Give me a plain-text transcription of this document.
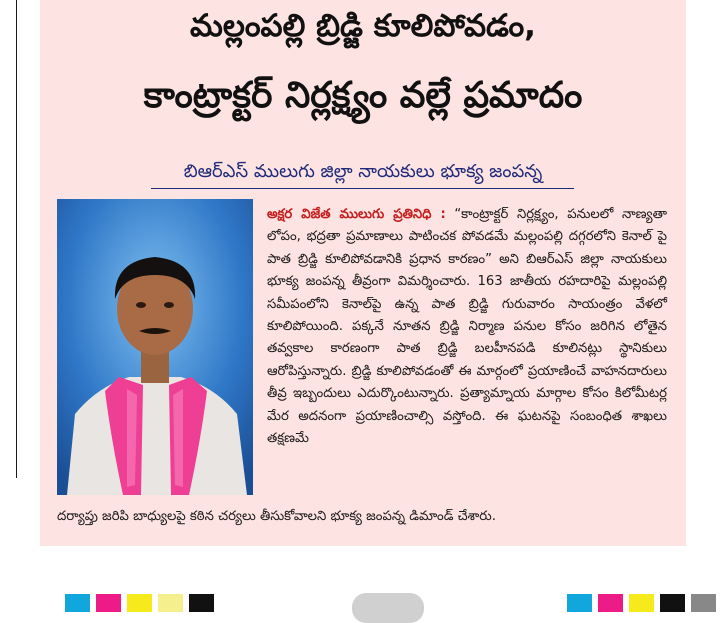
మల్లంపల్లి బ్రిడ్జి కూలిపోవడం,
కాంట్రాక్టర్ నిర్లక్ష్యం వల్లే ప్రమాదం
బిఆర్ఎస్ ములుగు జిల్లా నాయకులు భూక్య జంపన్న
అక్షర విజేత ములుగు ప్రతినిధి : “కాంట్రాక్టర్ నిర్లక్ష్యం, పనులలో నాణ్యతా లోపం, భద్రతా ప్రమాణాలు పాటించక పోవడమే మల్లంపల్లి దగ్గరలోని కెనాల్ పై పాత బ్రిడ్జి కూలిపోవడానికి ప్రధాన కారణం” అని బిఆర్ఎస్ జిల్లా నాయకులు భూక్య జంపన్న తీవ్రంగా విమర్శించారు. 163 జాతీయ రహదారిపై మల్లంపల్లి సమీపంలోని కెనాల్‌పై ఉన్న పాత బ్రిడ్జి గురువారం సాయంత్రం వేళలో కూలిపోయింది. పక్కనే నూతన బ్రిడ్జి నిర్మాణ పనుల కోసం జరిగిన లోతైన తవ్వకాల కారణంగా పాత బ్రిడ్జి బలహీనపడి కూలినట్లు స్థానికులు ఆరోపిస్తున్నారు. బ్రిడ్జి కూలిపోవడంతో ఈ మార్గంలో ప్రయాణించే వాహనదారులు తీవ్ర ఇబ్బందులు ఎదుర్కొంటున్నారు. ప్రత్యామ్నాయ మార్గాల కోసం కిలోమీటర్ల మేర అదనంగా ప్రయాణించాల్సి వస్తోంది. ఈ ఘటనపై సంబంధిత శాఖలు తక్షణమే
దర్యాప్తు జరిపి బాధ్యులపై కఠిన చర్యలు తీసుకోవాలని భూక్య జంపన్న డిమాండ్ చేశారు.
